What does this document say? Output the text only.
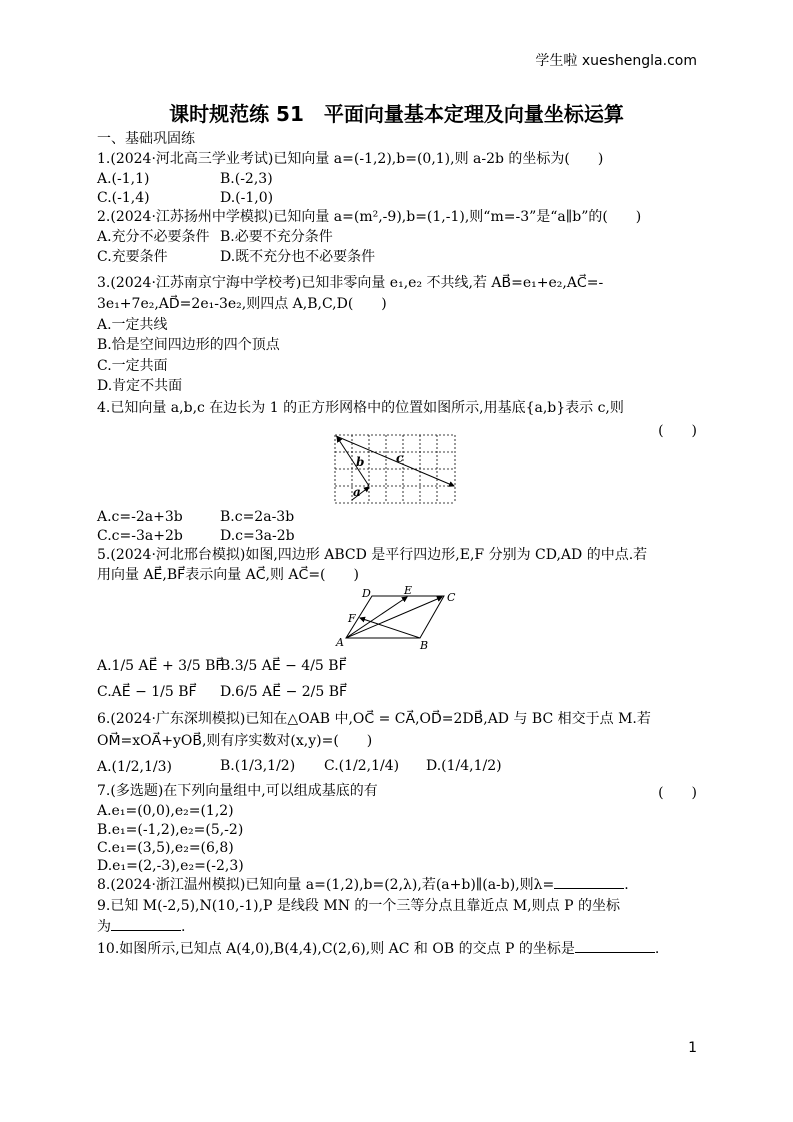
学生啦 xueshengla.com
课时规范练 51　平面向量基本定理及向量坐标运算
一、基础巩固练
1.(2024·河北高三学业考试)已知向量 a=(-1,2),b=(0,1),则 a-2b 的坐标为(　　)
A.(-1,1)	B.(-2,3)
C.(-1,4)	D.(-1,0)
2.(2024·江苏扬州中学模拟)已知向量 a=(m²,-9),b=(1,-1),则“m=-3”是“a∥b”的(　　)
A.充分不必要条件 B.必要不充分条件
C.充要条件	D.既不充分也不必要条件
3.(2024·江苏南京宁海中学校考)已知非零向量 e₁,e₂ 不共线,若 AB⃗=e₁+e₂,AC⃗=-
3e₁+7e₂,AD⃗=2e₁-3e₂,则四点 A,B,C,D(　　)
A.一定共线
B.恰是空间四边形的四个顶点
C.一定共面
D.肯定不共面
4.已知向量 a,b,c 在边长为 1 的正方形网格中的位置如图所示,用基底{a,b}表示 c,则
(　　)
b	c
a
A.c=-2a+3b	B.c=2a-3b
C.c=-3a+2b	D.c=3a-2b
5.(2024·河北邢台模拟)如图,四边形 ABCD 是平行四边形,E,F 分别为 CD,AD 的中点.若
用向量 AE⃗,BF⃗表示向量 AC⃗,则 AC⃗=(　　)
D	E
C
F
A	B
A.1/5 AE⃗ + 3/5 BF⃗
B.3/5 AE⃗ − 4/5 BF⃗
C.AE⃗ − 1/5 BF⃗ D.6/5 AE⃗ − 2/5 BF⃗
6.(2024·广东深圳模拟)已知在△OAB 中,OC⃗ = CA⃗,OD⃗=2DB⃗,AD 与 BC 相交于点 M.若
OM⃗=xOA⃗+yOB⃗,则有序实数对(x,y)=(　　)
A.(1/2,1/3)	B.(1/3,1/2) C.(1/2,1/4) D.(1/4,1/2)
7.(多选题)在下列向量组中,可以组成基底的有	(　　)
A.e₁=(0,0),e₂=(1,2)
B.e₁=(-1,2),e₂=(5,-2)
C.e₁=(3,5),e₂=(6,8)
D.e₁=(2,-3),e₂=(-2,3)
8.(2024·浙江温州模拟)已知向量 a=(1,2),b=(2,λ),若(a+b)∥(a-b),则λ=	.
9.已知 M(-2,5),N(10,-1),P 是线段 MN 的一个三等分点且靠近点 M,则点 P 的坐标
为	.
10.如图所示,已知点 A(4,0),B(4,4),C(2,6),则 AC 和 OB 的交点 P 的坐标是	.
1
